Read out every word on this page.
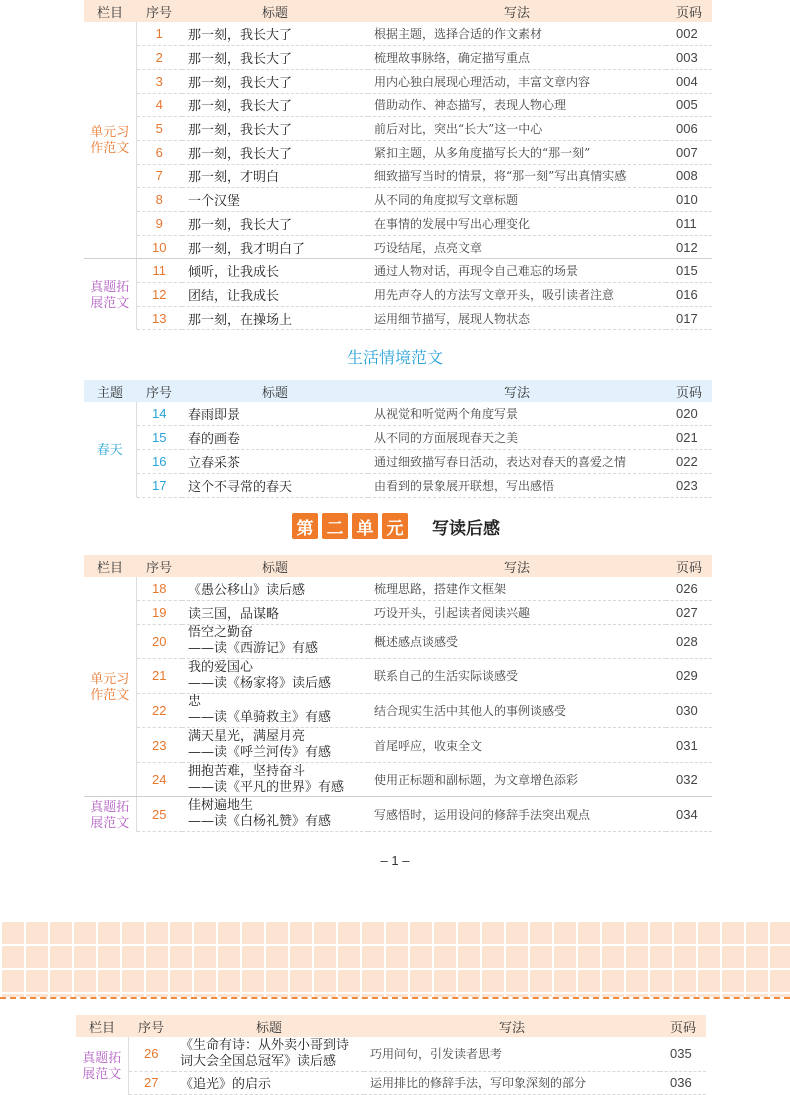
栏目	序号	标题	写法	页码
单元习作范文	1	那一刻，我长大了	根据主题，选择合适的作文素材	002
	2	那一刻，我长大了	梳理故事脉络，确定描写重点	003
	3	那一刻，我长大了	用内心独白展现心理活动，丰富文章内容	004
	4	那一刻，我长大了	借助动作、神态描写，表现人物心理	005
	5	那一刻，我长大了	前后对比，突出“长大”这一中心	006
	6	那一刻，我长大了	紧扣主题，从多角度描写长大的“那一刻”	007
	7	那一刻，才明白	细致描写当时的情景，将“那一刻”写出真情实感	008
	8	一个汉堡	从不同的角度拟写文章标题	010
	9	那一刻，我长大了	在事情的发展中写出心理变化	011
	10	那一刻，我才明白了	巧设结尾，点亮文章	012
真题拓展范文	11	倾听，让我成长	通过人物对话，再现令自己难忘的场景	015
	12	团结，让我成长	用先声夺人的方法写文章开头，吸引读者注意	016
	13	那一刻，在操场上	运用细节描写，展现人物状态	017
生活情境范文
主题	序号	标题	写法	页码
春天	14	春雨即景	从视觉和听觉两个角度写景	020
	15	春的画卷	从不同的方面展现春天之美	021
	16	立春采茶	通过细致描写春日活动，表达对春天的喜爱之情	022
	17	这个不寻常的春天	由看到的景象展开联想，写出感悟	023
第 二 单 元 写读后感
栏目	序号	标题	写法	页码
单元习作范文	18	《愚公移山》读后感	梳理思路，搭建作文框架	026
	19	读三国，品谋略	巧设开头，引起读者阅读兴趣	027
	20	悟空之勤奋
——读《西游记》有感	概述感点谈感受	028
	21	我的爱国心
——读《杨家将》读后感	联系自己的生活实际谈感受	029
	22	忠
——读《单骑救主》有感	结合现实生活中其他人的事例谈感受	030
	23	满天星光，满屋月亮
——读《呼兰河传》有感	首尾呼应，收束全文	031
	24	拥抱苦难，坚持奋斗
——读《平凡的世界》有感	使用正标题和副标题，为文章增色添彩	032
真题拓展范文	25	佳树遍地生
——读《白杨礼赞》有感	写感悟时，运用设问的修辞手法突出观点	034
– 1 –
栏目	序号	标题	写法	页码
真题拓展范文	26	《生命有诗：从外卖小哥到诗
词大会全国总冠军》读后感	巧用问句，引发读者思考	035
	27	《追光》的启示	运用排比的修辞手法，写印象深刻的部分	036
